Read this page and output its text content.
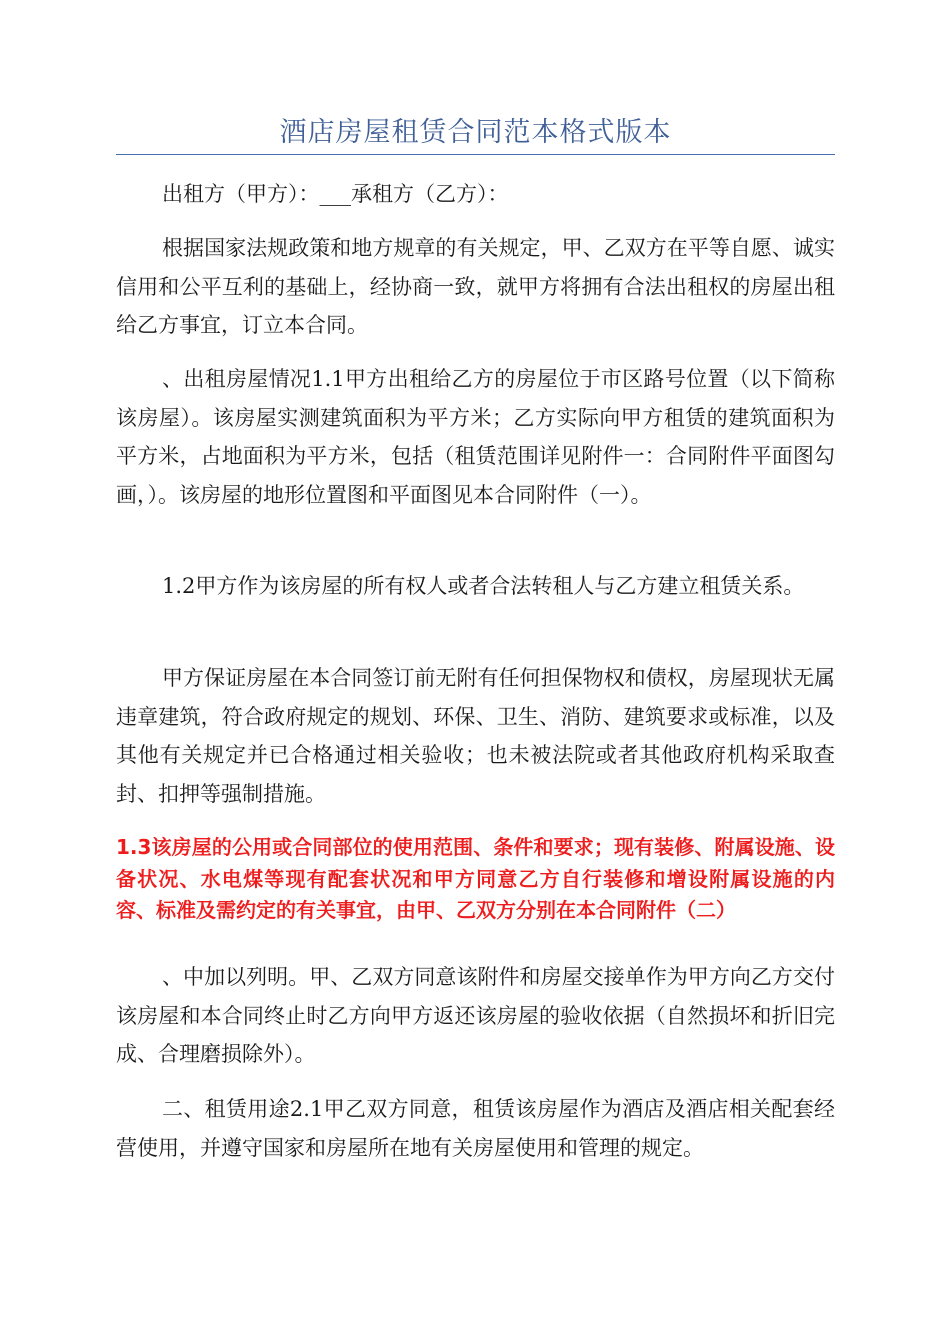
酒店房屋租赁合同范本格式版本

出租方（甲方）：___承租方（乙方）：

根据国家法规政策和地方规章的有关规定，甲、乙双方在平等自愿、诚实信用和公平互利的基础上，经协商一致，就甲方将拥有合法出租权的房屋出租给乙方事宜，订立本合同。

、出租房屋情况1.1甲方出租给乙方的房屋位于市区路号位置（以下简称该房屋）。该房屋实测建筑面积为平方米；乙方实际向甲方租赁的建筑面积为平方米，占地面积为平方米，包括（租赁范围详见附件一：合同附件平面图勾画，）。该房屋的地形位置图和平面图见本合同附件（一）。

1.2甲方作为该房屋的所有权人或者合法转租人与乙方建立租赁关系。

甲方保证房屋在本合同签订前无附有任何担保物权和债权，房屋现状无属违章建筑，符合政府规定的规划、环保、卫生、消防、建筑要求或标准，以及其他有关规定并已合格通过相关验收；也未被法院或者其他政府机构采取查封、扣押等强制措施。

1.3该房屋的公用或合同部位的使用范围、条件和要求；现有装修、附属设施、设备状况、水电煤等现有配套状况和甲方同意乙方自行装修和增设附属设施的内容、标准及需约定的有关事宜，由甲、乙双方分别在本合同附件（二）

、中加以列明。甲、乙双方同意该附件和房屋交接单作为甲方向乙方交付该房屋和本合同终止时乙方向甲方返还该房屋的验收依据（自然损坏和折旧完成、合理磨损除外）。

二、租赁用途2.1甲乙双方同意，租赁该房屋作为酒店及酒店相关配套经营使用，并遵守国家和房屋所在地有关房屋使用和管理的规定。
